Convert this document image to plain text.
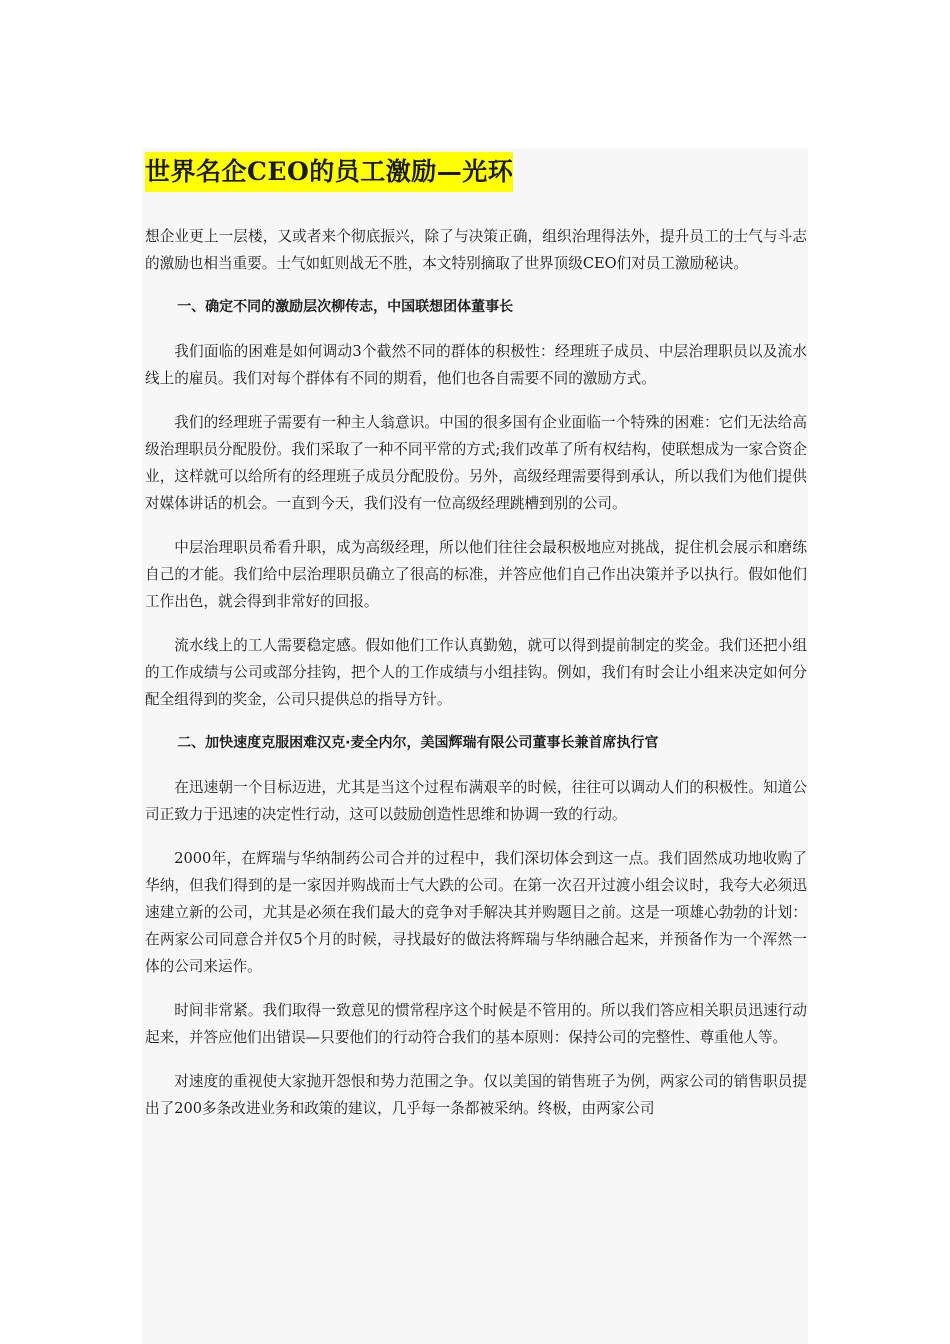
世界名企CEO的员工激励—光环

想企业更上一层楼，又或者来个彻底振兴，除了与决策正确，组织治理得法外，提升员工的士气与斗志的激励也相当重要。士气如虹则战无不胜，本文特别摘取了世界顶级CEO们对员工激励秘诀。

一、确定不同的激励层次柳传志，中国联想团体董事长

我们面临的困难是如何调动3个截然不同的群体的积极性：经理班子成员、中层治理职员以及流水线上的雇员。我们对每个群体有不同的期看，他们也各自需要不同的激励方式。

我们的经理班子需要有一种主人翁意识。中国的很多国有企业面临一个特殊的困难：它们无法给高级治理职员分配股份。我们采取了一种不同平常的方式;我们改革了所有权结构，使联想成为一家合资企业，这样就可以给所有的经理班子成员分配股份。另外，高级经理需要得到承认，所以我们为他们提供对媒体讲话的机会。一直到今天，我们没有一位高级经理跳槽到别的公司。

中层治理职员希看升职，成为高级经理，所以他们往往会最积极地应对挑战，捉住机会展示和磨练自己的才能。我们给中层治理职员确立了很高的标准，并答应他们自己作出决策并予以执行。假如他们工作出色，就会得到非常好的回报。

流水线上的工人需要稳定感。假如他们工作认真勤勉，就可以得到提前制定的奖金。我们还把小组的工作成绩与公司或部分挂钩，把个人的工作成绩与小组挂钩。例如，我们有时会让小组来决定如何分配全组得到的奖金，公司只提供总的指导方针。

二、加快速度克服困难汉克·麦全内尔，美国辉瑞有限公司董事长兼首席执行官

在迅速朝一个目标迈进，尤其是当这个过程布满艰辛的时候，往往可以调动人们的积极性。知道公司正致力于迅速的决定性行动，这可以鼓励创造性思维和协调一致的行动。

2000年，在辉瑞与华纳制药公司合并的过程中，我们深切体会到这一点。我们固然成功地收购了华纳，但我们得到的是一家因并购战而士气大跌的公司。在第一次召开过渡小组会议时，我夸大必须迅速建立新的公司，尤其是必须在我们最大的竞争对手解决其并购题目之前。这是一项雄心勃勃的计划：在两家公司同意合并仅5个月的时候，寻找最好的做法将辉瑞与华纳融合起来，并预备作为一个浑然一体的公司来运作。

时间非常紧。我们取得一致意见的惯常程序这个时候是不管用的。所以我们答应相关职员迅速行动起来，并答应他们出错误—只要他们的行动符合我们的基本原则：保持公司的完整性、尊重他人等。

对速度的重视使大家抛开怨恨和势力范围之争。仅以美国的销售班子为例，两家公司的销售职员提出了200多条改进业务和政策的建议，几乎每一条都被采纳。终极，由两家公司
